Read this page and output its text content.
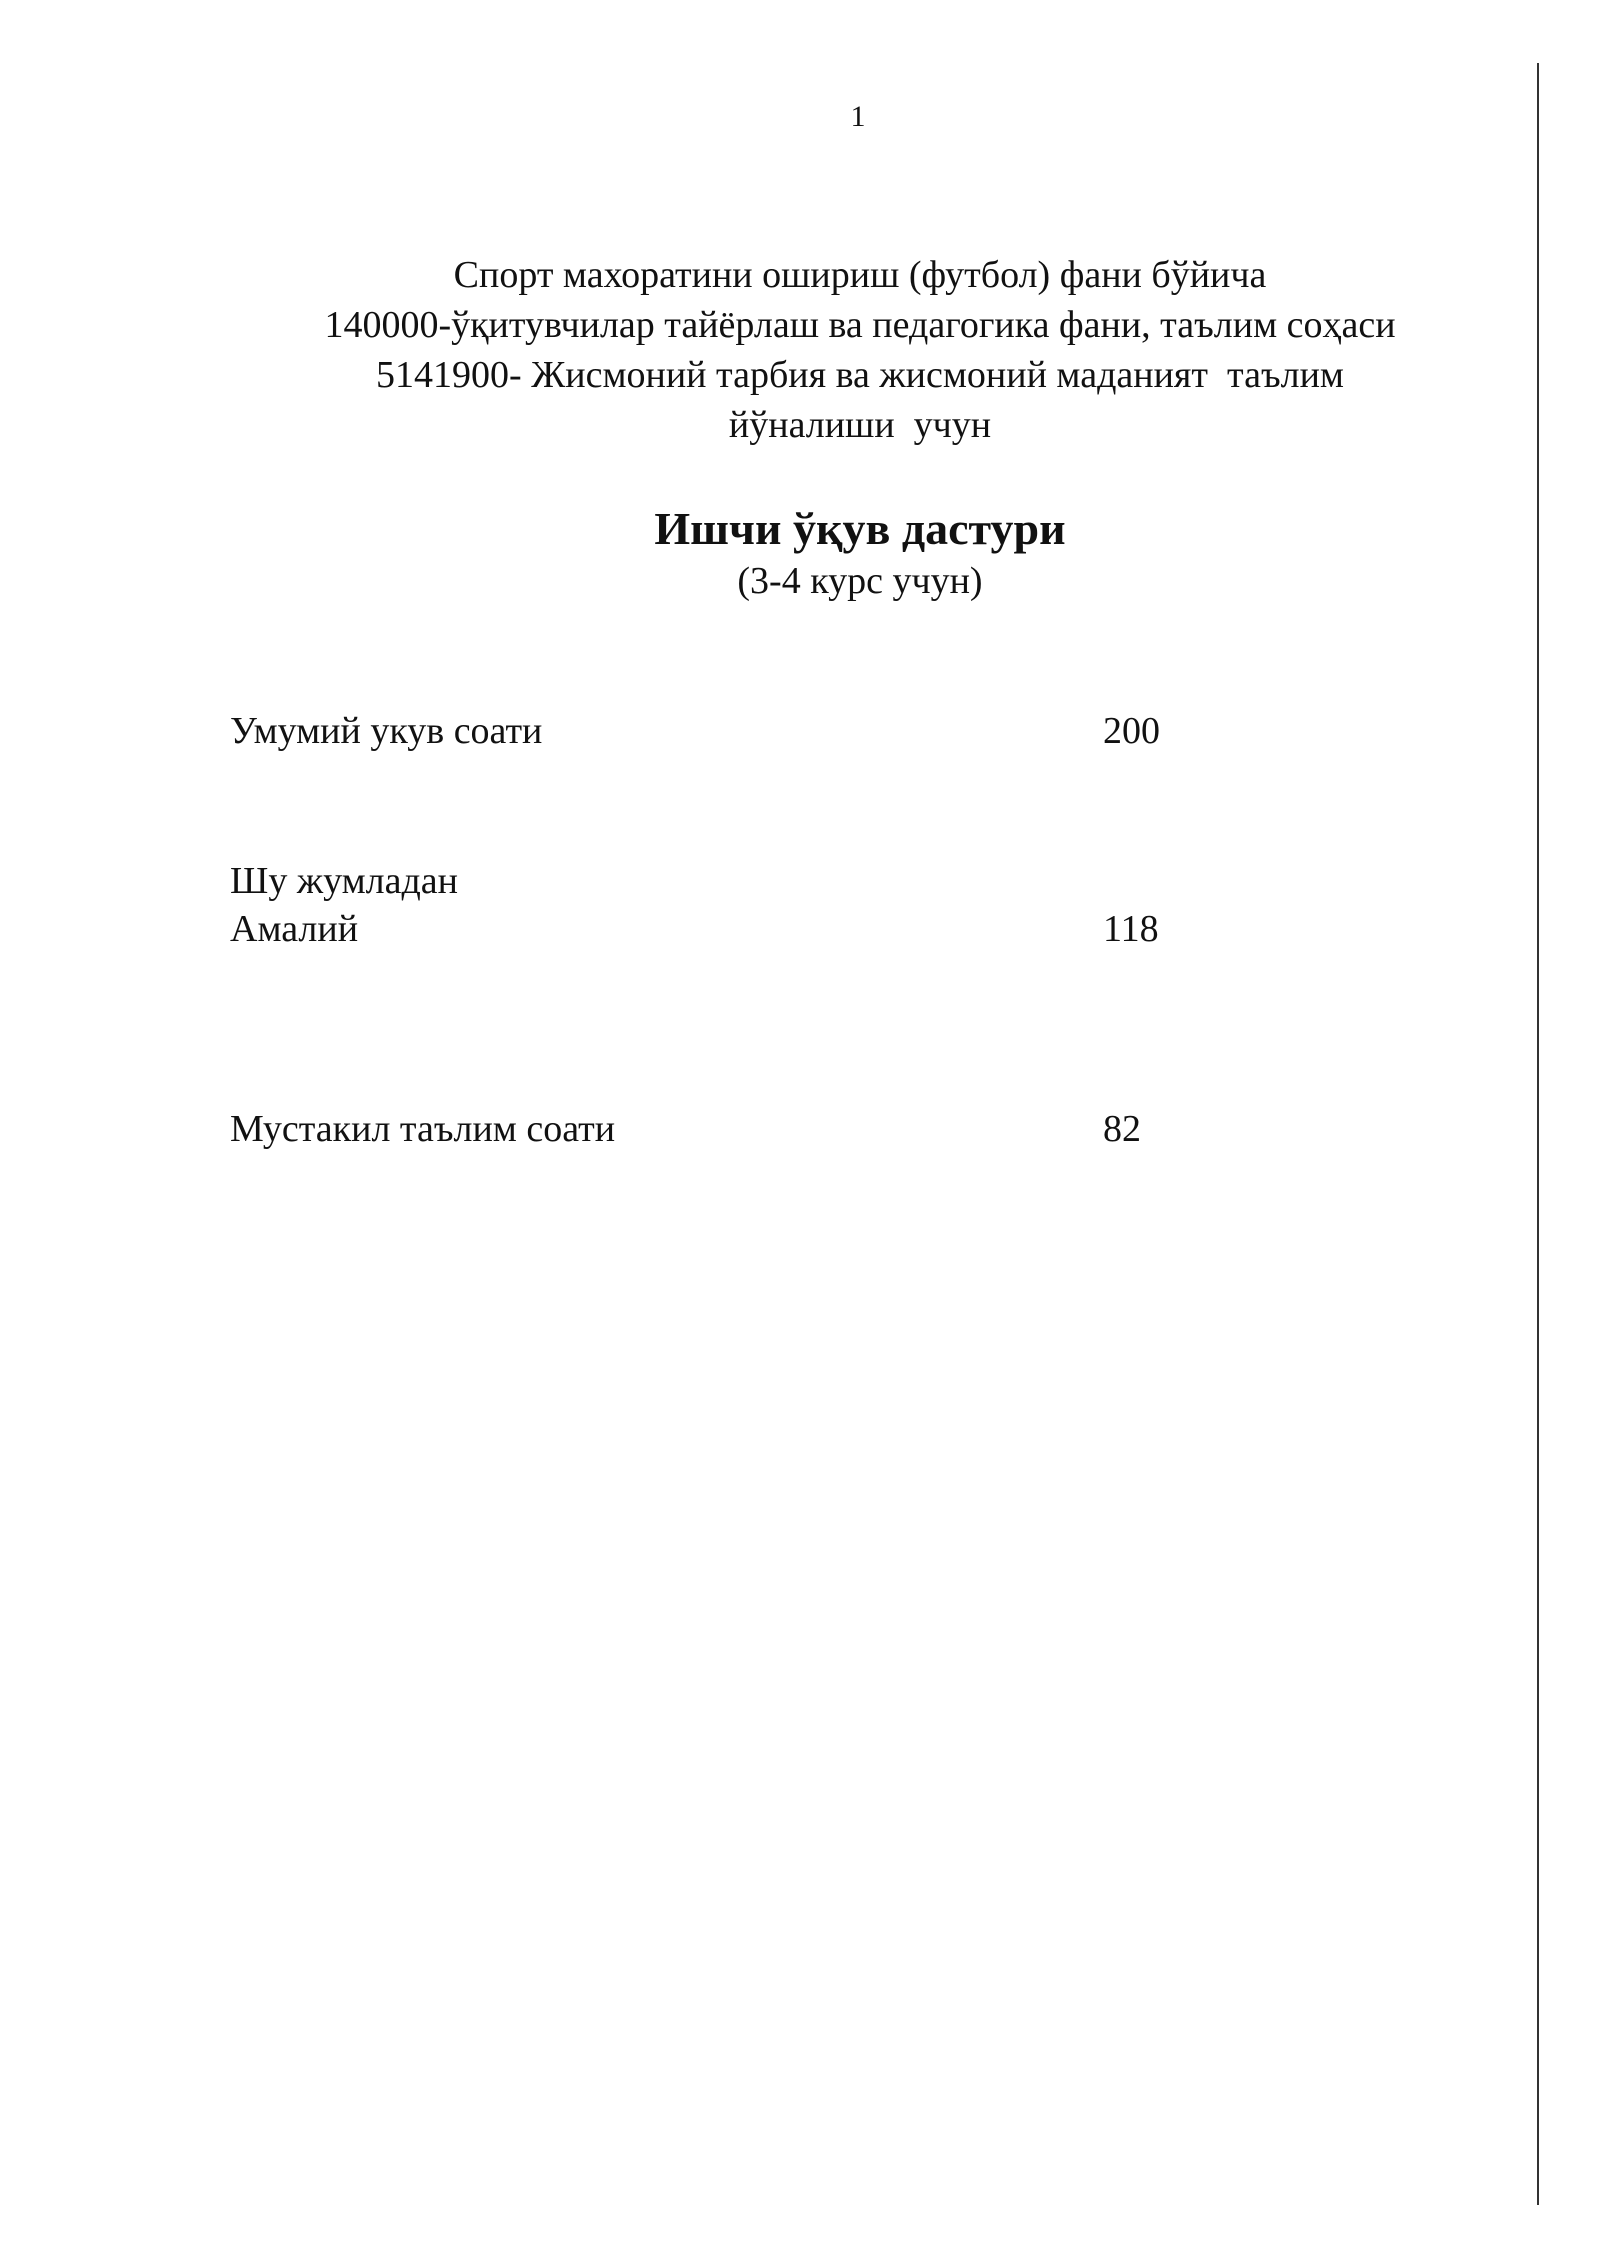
1
Спорт махоратини ошириш (футбол) фани бўйича
140000-ўқитувчилар тайёрлаш ва педагогика фани, таълим соҳаси
5141900- Жисмоний тарбия ва жисмоний маданият  таълим
йўналиши  учун
Ишчи ўқув дастури
(3-4 курс учун)
Умумий укув соати	200
Шу жумладан
Амалий	118
Мустакил таълим соати	82
